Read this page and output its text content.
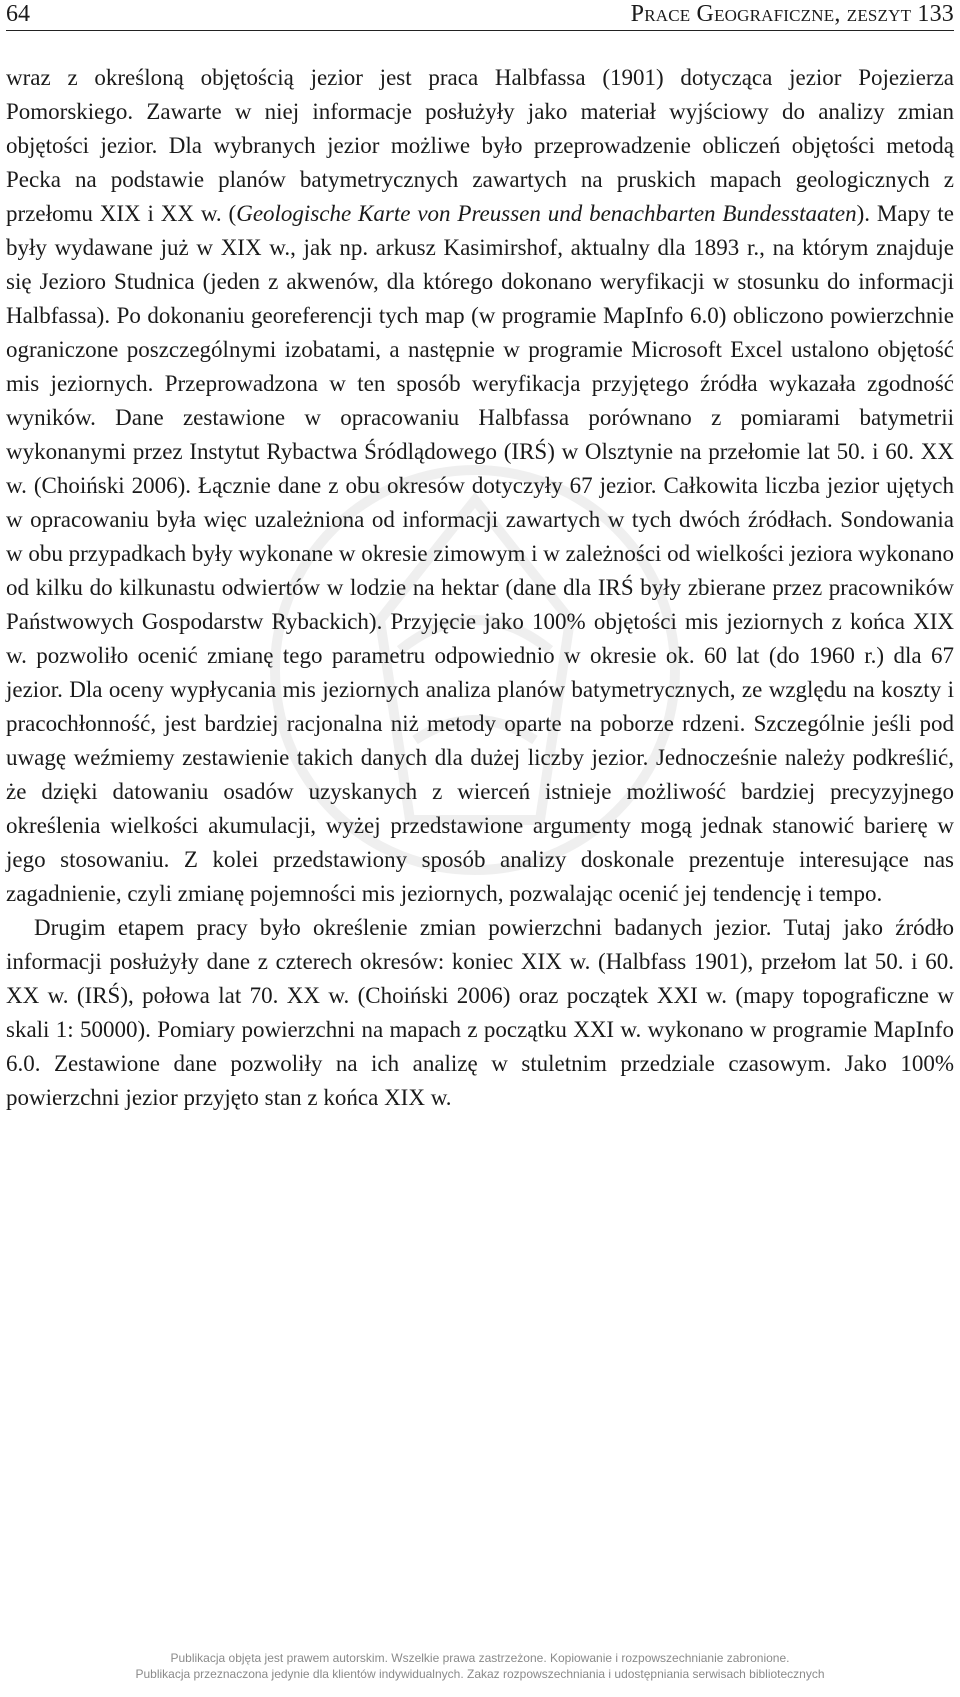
64	Prace Geograficzne, zeszyt 133

wraz z określoną objętością jezior jest praca Halbfassa (1901) dotycząca jezior Pojezierza Pomorskiego. Zawarte w niej informacje posłużyły jako materiał wyjściowy do analizy zmian objętości jezior. Dla wybranych jezior możliwe było przeprowadzenie obliczeń objętości metodą Pecka na podstawie planów batymetrycznych zawartych na pruskich mapach geologicznych z przełomu XIX i XX w. (Geologische Karte von Preussen und benachbarten Bundesstaaten). Mapy te były wydawane już w XIX w., jak np. arkusz Kasimirshof, aktualny dla 1893 r., na którym znajduje się Jezioro Studnica (jeden z akwenów, dla którego dokonano weryfikacji w stosunku do informacji Halbfassa). Po dokonaniu georeferencji tych map (w programie MapInfo 6.0) obliczono powierzchnie ograniczone poszczególnymi izobatami, a następnie w programie Microsoft Excel ustalono objętość mis jeziornych. Przeprowadzona w ten sposób weryfikacja przyjętego źródła wykazała zgodność wyników. Dane zestawione w opracowaniu Halbfassa porównano z pomiarami batymetrii wykonanymi przez Instytut Rybactwa Śródlądowego (IRŚ) w Olsztynie na przełomie lat 50. i 60. XX w. (Choiński 2006). Łącznie dane z obu okresów dotyczyły 67 jezior. Całkowita liczba jezior ujętych w opracowaniu była więc uzależniona od informacji zawartych w tych dwóch źródłach. Sondowania w obu przypadkach były wykonane w okresie zimowym i w zależności od wielkości jeziora wykonano od kilku do kilkunastu odwiertów w lodzie na hektar (dane dla IRŚ były zbierane przez pracowników Państwowych Gospodarstw Rybackich). Przyjęcie jako 100% objętości mis jeziornych z końca XIX w. pozwoliło ocenić zmianę tego parametru odpowiednio w okresie ok. 60 lat (do 1960 r.) dla 67 jezior. Dla oceny wypłycania mis jeziornych analiza planów batymetrycznych, ze względu na koszty i pracochłonność, jest bardziej racjonalna niż metody oparte na poborze rdzeni. Szczególnie jeśli pod uwagę weźmiemy zestawienie takich danych dla dużej liczby jezior. Jednocześnie należy podkreślić, że dzięki datowaniu osadów uzyskanych z wierceń istnieje możliwość bardziej precyzyjnego określenia wielkości akumulacji, wyżej przedstawione argumenty mogą jednak stanowić barierę w jego stosowaniu. Z kolei przedstawiony sposób analizy doskonale prezentuje interesujące nas zagadnienie, czyli zmianę pojemności mis jeziornych, pozwalając ocenić jej tendencję i tempo.

Drugim etapem pracy było określenie zmian powierzchni badanych jezior. Tutaj jako źródło informacji posłużyły dane z czterech okresów: koniec XIX w. (Halbfass 1901), przełom lat 50. i 60. XX w. (IRŚ), połowa lat 70. XX w. (Choiński 2006) oraz początek XXI w. (mapy topograficzne w skali 1: 50000). Pomiary powierzchni na mapach z początku XXI w. wykonano w programie MapInfo 6.0. Zestawione dane pozwoliły na ich analizę w stuletnim przedziale czasowym. Jako 100% powierzchni jezior przyjęto stan z końca XIX w.

Publikacja objęta jest prawem autorskim. Wszelkie prawa zastrzeżone. Kopiowanie i rozpowszechnianie zabronione.
Publikacja przeznaczona jedynie dla klientów indywidualnych. Zakaz rozpowszechniania i udostępniania serwisach bibliotecznych
